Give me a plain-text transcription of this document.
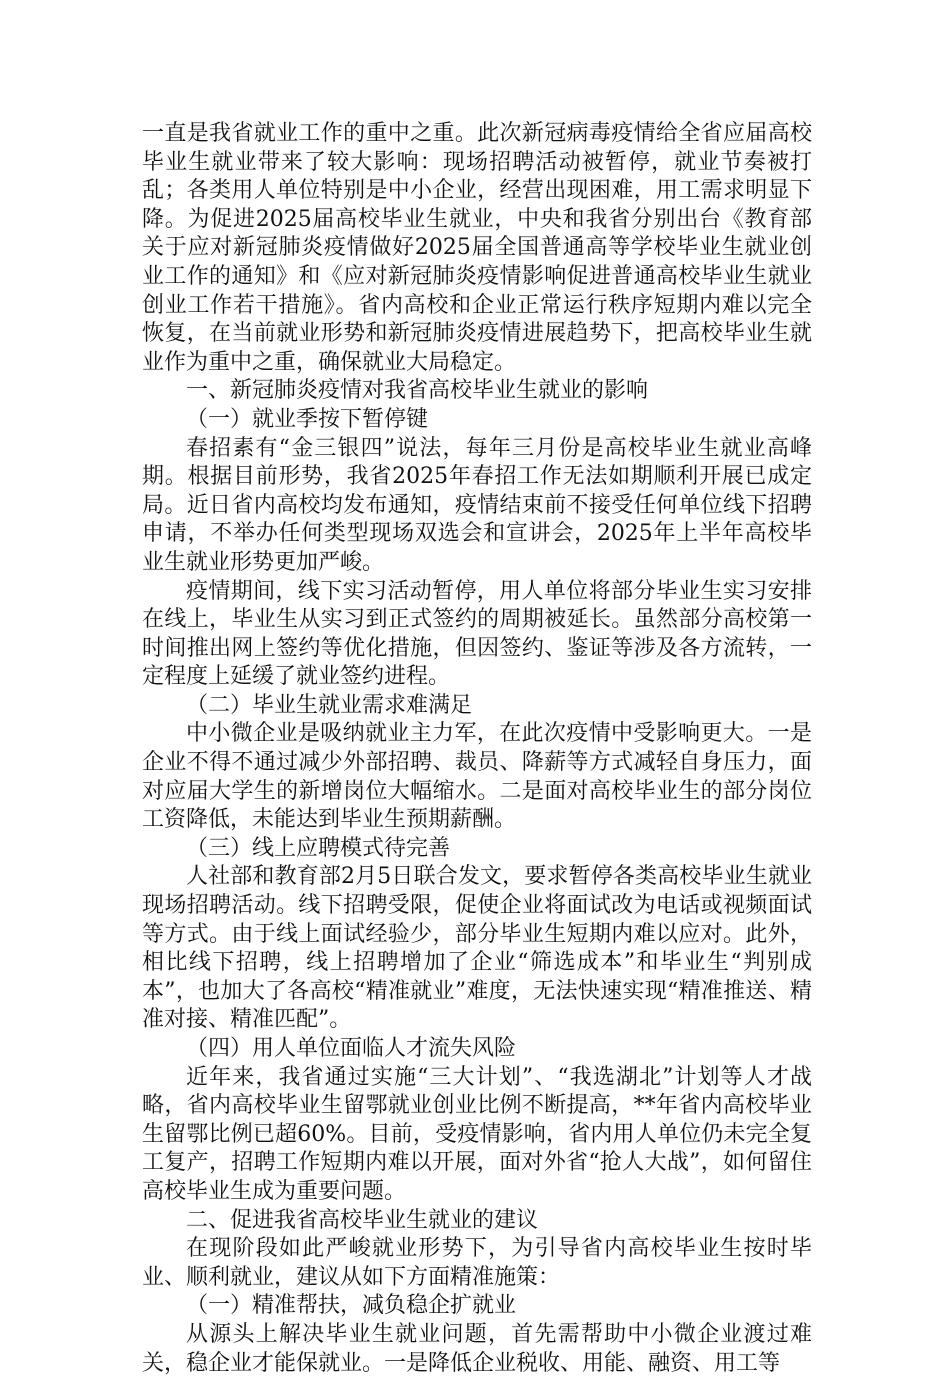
一直是我省就业工作的重中之重。此次新冠病毒疫情给全省应届高校毕业生就业带来了较大影响：现场招聘活动被暂停，就业节奏被打乱；各类用人单位特别是中小企业，经营出现困难，用工需求明显下降。为促进2025届高校毕业生就业，中央和我省分别出台《教育部关于应对新冠肺炎疫情做好2025届全国普通高等学校毕业生就业创业工作的通知》和《应对新冠肺炎疫情影响促进普通高校毕业生就业创业工作若干措施》。省内高校和企业正常运行秩序短期内难以完全恢复，在当前就业形势和新冠肺炎疫情进展趋势下，把高校毕业生就业作为重中之重，确保就业大局稳定。

一、新冠肺炎疫情对我省高校毕业生就业的影响

（一）就业季按下暂停键

春招素有“金三银四”说法，每年三月份是高校毕业生就业高峰期。根据目前形势，我省2025年春招工作无法如期顺利开展已成定局。近日省内高校均发布通知，疫情结束前不接受任何单位线下招聘申请，不举办任何类型现场双选会和宣讲会，2025年上半年高校毕业生就业形势更加严峻。

疫情期间，线下实习活动暂停，用人单位将部分毕业生实习安排在线上，毕业生从实习到正式签约的周期被延长。虽然部分高校第一时间推出网上签约等优化措施，但因签约、鉴证等涉及各方流转，一定程度上延缓了就业签约进程。

（二）毕业生就业需求难满足

中小微企业是吸纳就业主力军，在此次疫情中受影响更大。一是企业不得不通过减少外部招聘、裁员、降薪等方式减轻自身压力，面对应届大学生的新增岗位大幅缩水。二是面对高校毕业生的部分岗位工资降低，未能达到毕业生预期薪酬。

（三）线上应聘模式待完善

人社部和教育部2月5日联合发文，要求暂停各类高校毕业生就业现场招聘活动。线下招聘受限，促使企业将面试改为电话或视频面试等方式。由于线上面试经验少，部分毕业生短期内难以应对。此外，相比线下招聘，线上招聘增加了企业“筛选成本”和毕业生“判别成本”，也加大了各高校“精准就业”难度，无法快速实现“精准推送、精准对接、精准匹配”。

（四）用人单位面临人才流失风险

近年来，我省通过实施“三大计划”、“我选湖北”计划等人才战略，省内高校毕业生留鄂就业创业比例不断提高，**年省内高校毕业生留鄂比例已超60%。目前，受疫情影响，省内用人单位仍未完全复工复产，招聘工作短期内难以开展，面对外省“抢人大战”，如何留住高校毕业生成为重要问题。

二、促进我省高校毕业生就业的建议

在现阶段如此严峻就业形势下，为引导省内高校毕业生按时毕业、顺利就业，建议从如下方面精准施策：

（一）精准帮扶，减负稳企扩就业

从源头上解决毕业生就业问题，首先需帮助中小微企业渡过难关，稳企业才能保就业。一是降低企业税收、用能、融资、用工等
